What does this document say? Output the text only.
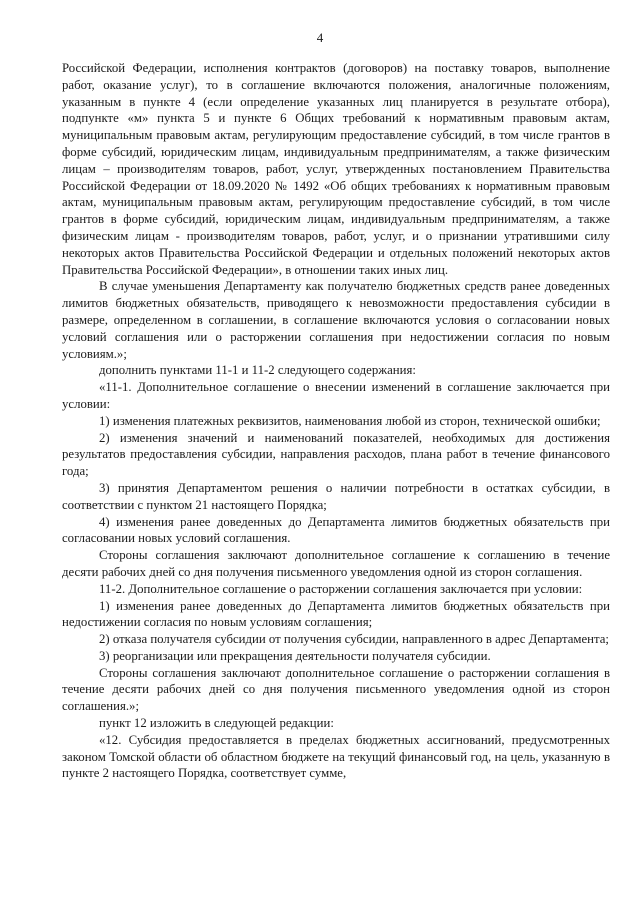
4

Российской Федерации, исполнения контрактов (договоров) на поставку товаров, выполнение работ, оказание услуг), то в соглашение включаются положения, аналогичные положениям, указанным в пункте 4 (если определение указанных лиц планируется в результате отбора), подпункте «м» пункта 5 и пункте 6 Общих требований к нормативным правовым актам, муниципальным правовым актам, регулирующим предоставление субсидий, в том числе грантов в форме субсидий, юридическим лицам, индивидуальным предпринимателям, а также физическим лицам – производителям товаров, работ, услуг, утвержденных постановлением Правительства Российской Федерации от 18.09.2020 № 1492 «Об общих требованиях к нормативным правовым актам, муниципальным правовым актам, регулирующим предоставление субсидий, в том числе грантов в форме субсидий, юридическим лицам, индивидуальным предпринимателям, а также физическим лицам - производителям товаров, работ, услуг, и о признании утратившими силу некоторых актов Правительства Российской Федерации и отдельных положений некоторых актов Правительства Российской Федерации», в отношении таких иных лиц.

В случае уменьшения Департаменту как получателю бюджетных средств ранее доведенных лимитов бюджетных обязательств, приводящего к невозможности предоставления субсидии в размере, определенном в соглашении, в соглашение включаются условия о согласовании новых условий соглашения или о расторжении соглашения при недостижении согласия по новым условиям.»;

дополнить пунктами 11-1 и 11-2 следующего содержания:

«11-1. Дополнительное соглашение о внесении изменений в соглашение заключается при условии:

1) изменения платежных реквизитов, наименования любой из сторон, технической ошибки;

2) изменения значений и наименований показателей, необходимых для достижения результатов предоставления субсидии, направления расходов, плана работ в течение финансового года;

3) принятия Департаментом решения о наличии потребности в остатках субсидии, в соответствии с пунктом 21 настоящего Порядка;

4) изменения ранее доведенных до Департамента лимитов бюджетных обязательств при согласовании новых условий соглашения.

Стороны соглашения заключают дополнительное соглашение к соглашению в течение десяти рабочих дней со дня получения письменного уведомления одной из сторон соглашения.

11-2. Дополнительное соглашение о расторжении соглашения заключается при условии:

1) изменения ранее доведенных до Департамента лимитов бюджетных обязательств при недостижении согласия по новым условиям соглашения;

2) отказа получателя субсидии от получения субсидии, направленного в адрес Департамента;

3) реорганизации или прекращения деятельности получателя субсидии.

Стороны соглашения заключают дополнительное соглашение о расторжении соглашения в течение десяти рабочих дней со дня получения письменного уведомления одной из сторон соглашения.»;

пункт 12 изложить в следующей редакции:

«12. Субсидия предоставляется в пределах бюджетных ассигнований, предусмотренных законом Томской области об областном бюджете на текущий финансовый год, на цель, указанную в пункте 2 настоящего Порядка, соответствует сумме,
